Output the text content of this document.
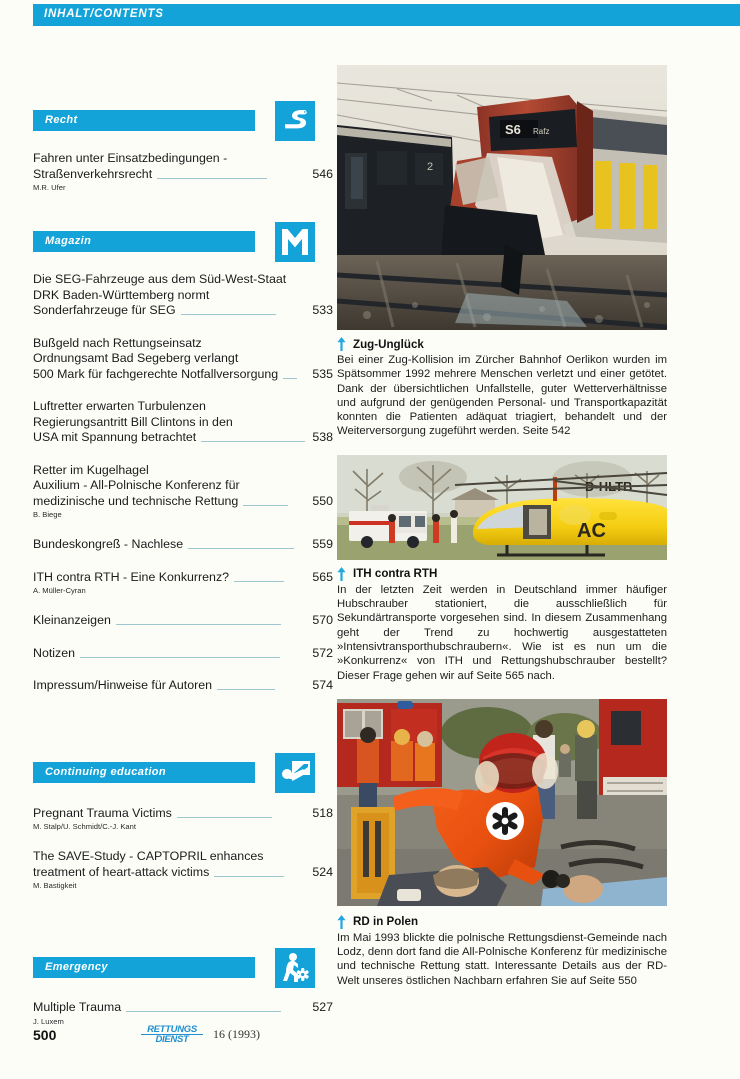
INHALT/CONTENTS
Recht
Fahren unter Einsatzbedingungen -
Straßenverkehrsrecht	546
M.R. Ufer
Magazin
Die SEG-Fahrzeuge aus dem Süd-West-Staat
DRK Baden-Württemberg normt
Sonderfahrzeuge für SEG	533
Bußgeld nach Rettungseinsatz
Ordnungsamt Bad Segeberg verlangt
500 Mark für fachgerechte Notfallversorgung	535
Luftretter erwarten Turbulenzen
Regierungsantritt Bill Clintons in den
USA mit Spannung betrachtet	538
Retter im Kugelhagel
Auxilium - All-Polnische Konferenz für
medizinische und technische Rettung	550
B. Biege
Bundeskongreß - Nachlese	559
ITH contra RTH - Eine Konkurrenz?	565
A. Müller-Cyran
Kleinanzeigen	570
Notizen	572
Impressum/Hinweise für Autoren	574
Continuing education
Pregnant Trauma Victims	518
M. Stalp/U. Schmidt/C.-J. Kant
The SAVE-Study - CAPTOPRIL enhances
treatment of heart-attack victims	524
M. Bastigkeit
Emergency
Multiple Trauma	527
J. Luxem
2
S6 Rafz
Zug-Unglück
Bei einer Zug-Kollision im Zürcher Bahnhof Oerlikon wurden im Spätsommer 1992 mehrere Menschen verletzt und einer getötet. Dank der übersichtlichen Unfallstelle, guter Wetterverhältnisse und aufgrund der genügenden Personal- und Transportkapazität konnten die Patienten adäquat triagiert, behandelt und der Weiterversorgung zugeführt werden. Seite 542
D-HLTB
AC
ITH contra RTH
In der letzten Zeit werden in Deutschland immer häufiger Hubschrauber stationiert, die ausschließlich für Sekundärtransporte vorgesehen sind. In diesem Zusammenhang geht der Trend zu hochwertig ausgestatteten »Intensivtransporthubschraubern«. Wie ist es nun um die »Konkurrenz« von ITH und Rettungshubschrauber bestellt? Dieser Frage gehen wir auf Seite 565 nach.
RD in Polen
Im Mai 1993 blickte die polnische Rettungsdienst-Gemeinde nach Lodz, denn dort fand die All-Polnische Konferenz für medizinische und technische Rettung statt. Interessante Details aus der RD-Welt unseres östlichen Nachbarn erfahren Sie auf Seite 550
500	RETTUNGS
DIENST	16 (1993)
